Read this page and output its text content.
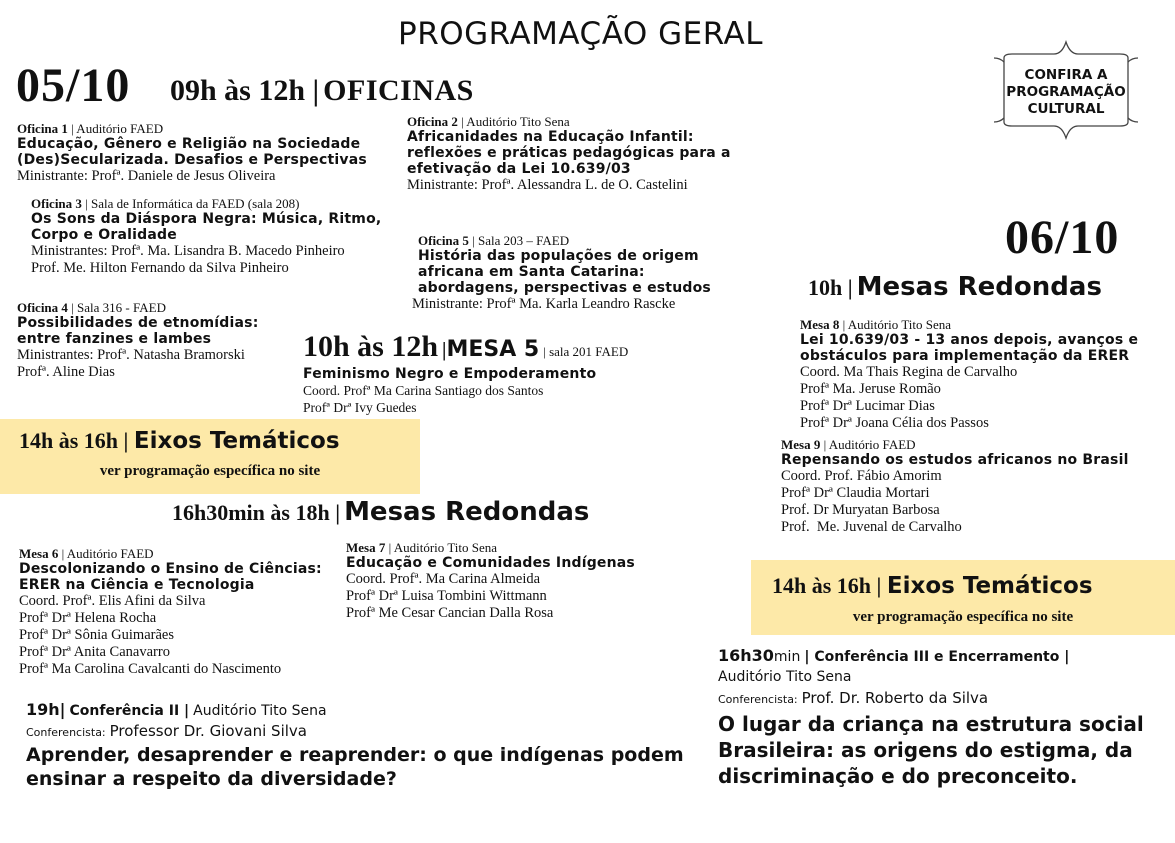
PROGRAMAÇÃO GERAL
CONFIRA A PROGRAMAÇÃO CULTURAL
05/10 09h às 12h | OFICINAS
Oficina 1 | Auditório FAED
Educação, Gênero e Religião na Sociedade (Des)Secularizada. Desafios e Perspectivas
Ministrante: Profª. Daniele de Jesus Oliveira
Oficina 2 | Auditório Tito Sena
Africanidades na Educação Infantil: reflexões e práticas pedagógicas para a efetivação da Lei 10.639/03
Ministrante: Profª. Alessandra L. de O. Castelini
Oficina 3 | Sala de Informática da FAED (sala 208)
Os Sons da Diáspora Negra: Música, Ritmo, Corpo e Oralidade
Ministrantes: Profª. Ma. Lisandra B. Macedo Pinheiro
Prof. Me. Hilton Fernando da Silva Pinheiro
Oficina 5 | Sala 203 – FAED
História das populações de origem africana em Santa Catarina: abordagens, perspectivas e estudos
Ministrante: Profª Ma. Karla Leandro Rascke
Oficina 4 | Sala 316 - FAED
Possibilidades de etnomídias: entre fanzines e lambes
Ministrantes: Profª. Natasha Bramorski
Profª. Aline Dias
10h às 12h |MESA 5 | sala 201 FAED
Feminismo Negro e Empoderamento
Coord. Profª Ma Carina Santiago dos Santos
Profª Drª Ivy Guedes
14h às 16h | Eixos Temáticos
ver programação específica no site
16h30min às 18h | Mesas Redondas
Mesa 6 | Auditório FAED
Descolonizando o Ensino de Ciências: ERER na Ciência e Tecnologia
Coord. Profª. Elis Afini da Silva
Profª Drª Helena Rocha
Profª Drª Sônia Guimarães
Profª Drª Anita Canavarro
Profª Ma Carolina Cavalcanti do Nascimento
Mesa 7 | Auditório Tito Sena
Educação e Comunidades Indígenas
Coord. Profª. Ma Carina Almeida
Profª Drª Luisa Tombini Wittmann
Profª Me Cesar Cancian Dalla Rosa
19h| Conferência II | Auditório Tito Sena
Conferencista: Professor Dr. Giovani Silva
Aprender, desaprender e reaprender: o que indígenas podem ensinar a respeito da diversidade?
06/10
10h | Mesas Redondas
Mesa 8 | Auditório Tito Sena
Lei 10.639/03 - 13 anos depois, avanços e obstáculos para implementação da ERER
Coord. Ma Thais Regina de Carvalho
Profª Ma. Jeruse Romão
Profª Drª Lucimar Dias
Profª Drª Joana Célia dos Passos
Mesa 9 | Auditório FAED
Repensando os estudos africanos no Brasil
Coord. Prof. Fábio Amorim
Profª Drª Claudia Mortari
Prof. Dr Muryatan Barbosa
Prof.  Me. Juvenal de Carvalho
14h às 16h | Eixos Temáticos
ver programação específica no site
16h30min | Conferência III e Encerramento |
Auditório Tito Sena
Conferencista: Prof. Dr. Roberto da Silva
O lugar da criança na estrutura social Brasileira: as origens do estigma, da discriminação e do preconceito.
